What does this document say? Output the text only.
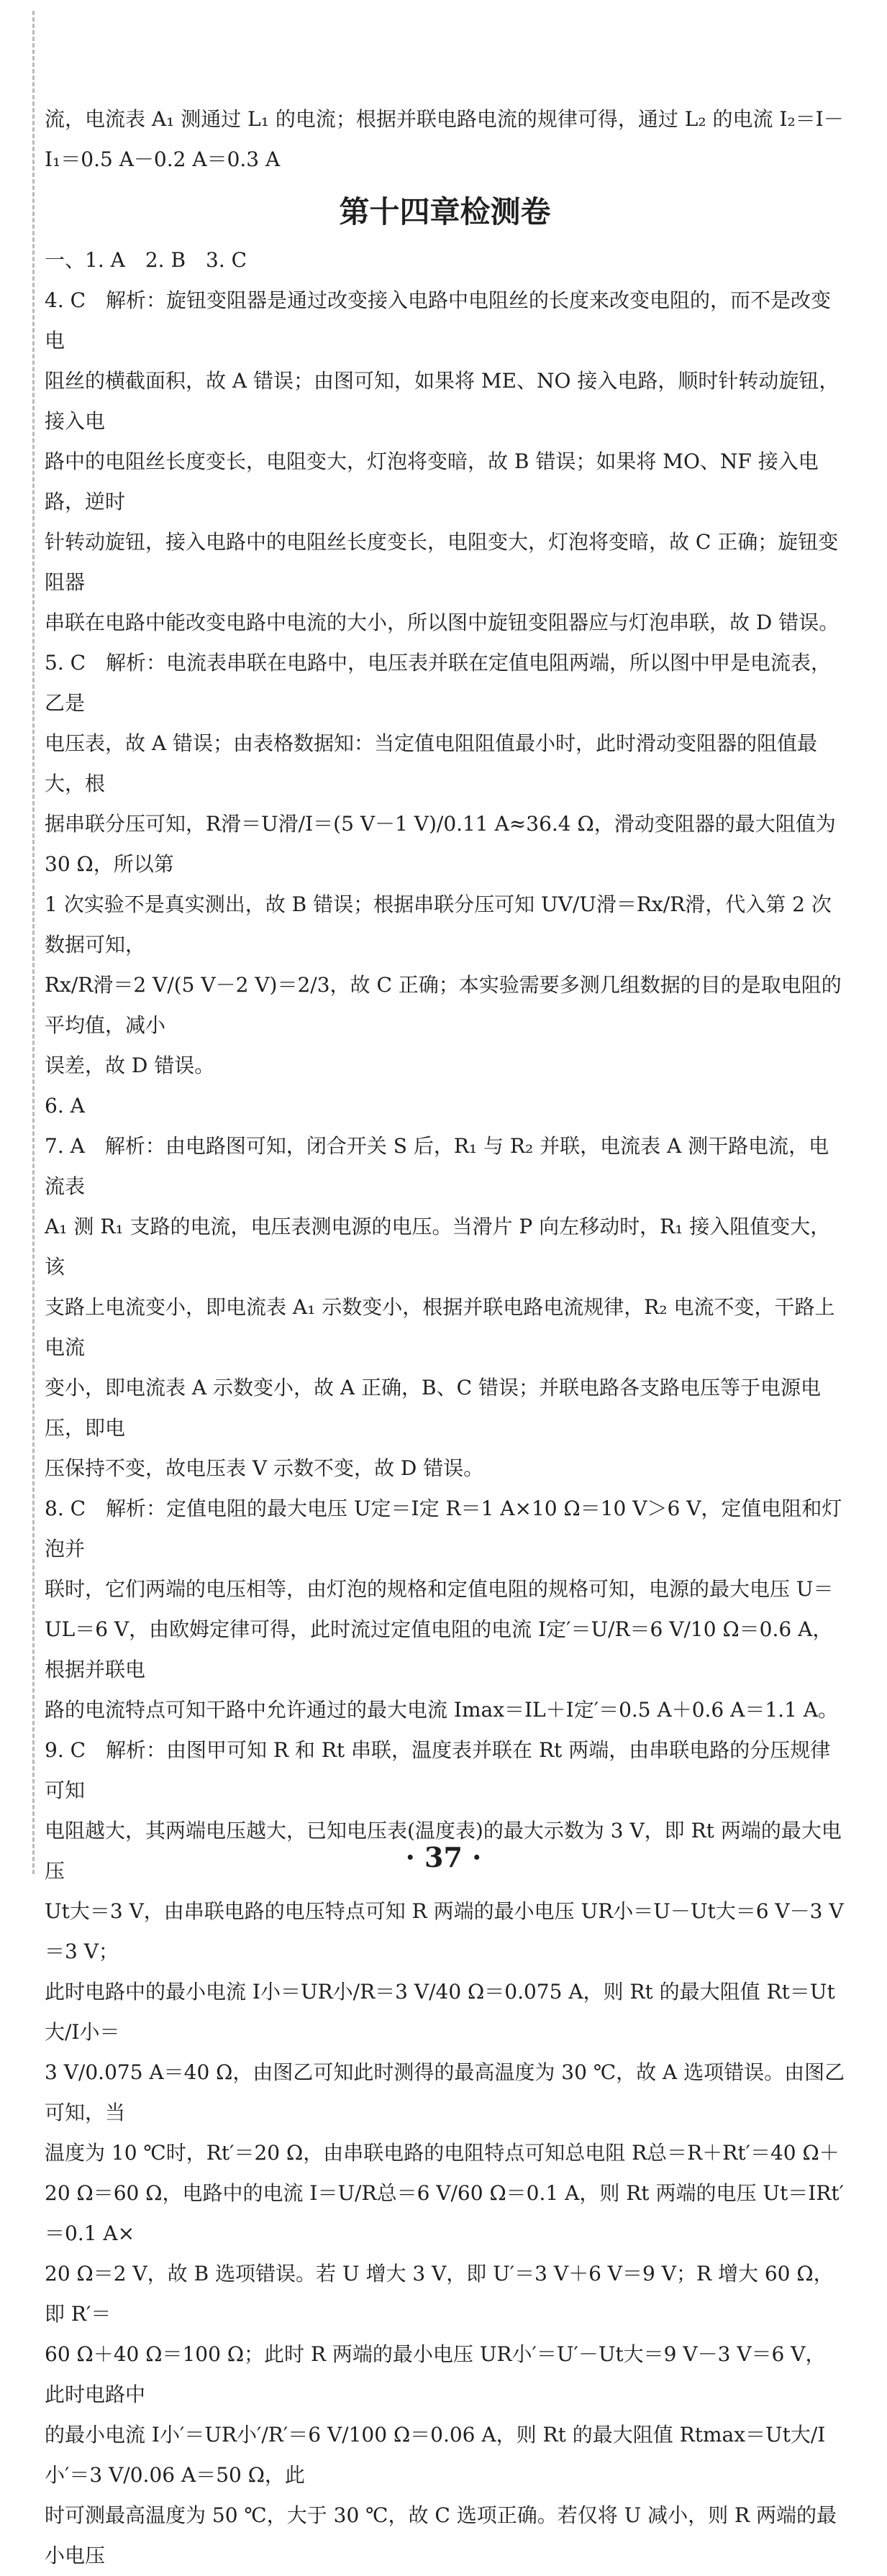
流，电流表 A₁ 测通过 L₁ 的电流；根据并联电路电流的规律可得，通过 L₂ 的电流 I₂＝I－

I₁＝0.5 A－0.2 A＝0.3 A

第十四章检测卷

一、1. A　2. B　3. C

4. C　解析：旋钮变阻器是通过改变接入电路中电阻丝的长度来改变电阻的，而不是改变电

阻丝的横截面积，故 A 错误；由图可知，如果将 ME、NO 接入电路，顺时针转动旋钮，接入电

路中的电阻丝长度变长，电阻变大，灯泡将变暗，故 B 错误；如果将 MO、NF 接入电路，逆时

针转动旋钮，接入电路中的电阻丝长度变长，电阻变大，灯泡将变暗，故 C 正确；旋钮变阻器

串联在电路中能改变电路中电流的大小，所以图中旋钮变阻器应与灯泡串联，故 D 错误。

5. C　解析：电流表串联在电路中，电压表并联在定值电阻两端，所以图中甲是电流表，乙是

电压表，故 A 错误；由表格数据知：当定值电阻阻值最小时，此时滑动变阻器的阻值最大，根

据串联分压可知，R滑＝U滑/I＝(5 V－1 V)/0.11 A≈36.4 Ω，滑动变阻器的最大阻值为 30 Ω，所以第

1 次实验不是真实测出，故 B 错误；根据串联分压可知 UV/U滑＝Rx/R滑，代入第 2 次数据可知，

Rx/R滑＝2 V/(5 V－2 V)＝2/3，故 C 正确；本实验需要多测几组数据的目的是取电阻的平均值，减小

误差，故 D 错误。

6. A

7. A　解析：由电路图可知，闭合开关 S 后，R₁ 与 R₂ 并联，电流表 A 测干路电流，电流表

A₁ 测 R₁ 支路的电流，电压表测电源的电压。当滑片 P 向左移动时，R₁ 接入阻值变大，该

支路上电流变小，即电流表 A₁ 示数变小，根据并联电路电流规律，R₂ 电流不变，干路上电流

变小，即电流表 A 示数变小，故 A 正确，B、C 错误；并联电路各支路电压等于电源电压，即电

压保持不变，故电压表 V 示数不变，故 D 错误。

8. C　解析：定值电阻的最大电压 U定＝I定 R＝1 A×10 Ω＝10 V＞6 V，定值电阻和灯泡并

联时，它们两端的电压相等，由灯泡的规格和定值电阻的规格可知，电源的最大电压 U＝

UL＝6 V，由欧姆定律可得，此时流过定值电阻的电流 I定′＝U/R＝6 V/10 Ω＝0.6 A，根据并联电

路的电流特点可知干路中允许通过的最大电流 Imax＝IL＋I定′＝0.5 A＋0.6 A＝1.1 A。

9. C　解析：由图甲可知 R 和 Rt 串联，温度表并联在 Rt 两端，由串联电路的分压规律可知

电阻越大，其两端电压越大，已知电压表(温度表)的最大示数为 3 V，即 Rt 两端的最大电压

Ut大＝3 V，由串联电路的电压特点可知 R 两端的最小电压 UR小＝U－Ut大＝6 V－3 V＝3 V；

此时电路中的最小电流 I小＝UR小/R＝3 V/40 Ω＝0.075 A，则 Rt 的最大阻值 Rt＝Ut大/I小＝

3 V/0.075 A＝40 Ω，由图乙可知此时测得的最高温度为 30 ℃，故 A 选项错误。由图乙可知，当

温度为 10 ℃时，Rt′＝20 Ω，由串联电路的电阻特点可知总电阻 R总＝R＋Rt′＝40 Ω＋

20 Ω＝60 Ω，电路中的电流 I＝U/R总＝6 V/60 Ω＝0.1 A，则 Rt 两端的电压 Ut＝IRt′＝0.1 A×

20 Ω＝2 V，故 B 选项错误。若 U 增大 3 V，即 U′＝3 V＋6 V＝9 V；R 增大 60 Ω，即 R′＝

60 Ω＋40 Ω＝100 Ω；此时 R 两端的最小电压 UR小′＝U′－Ut大＝9 V－3 V＝6 V，此时电路中

的最小电流 I小′＝UR小′/R′＝6 V/100 Ω＝0.06 A，则 Rt 的最大阻值 Rtmax＝Ut大/I小′＝3 V/0.06 A＝50 Ω，此

时可测最高温度为 50 ℃，大于 30 ℃，故 C 选项正确。若仅将 U 减小，则 R 两端的最小电压

· 37 ·
